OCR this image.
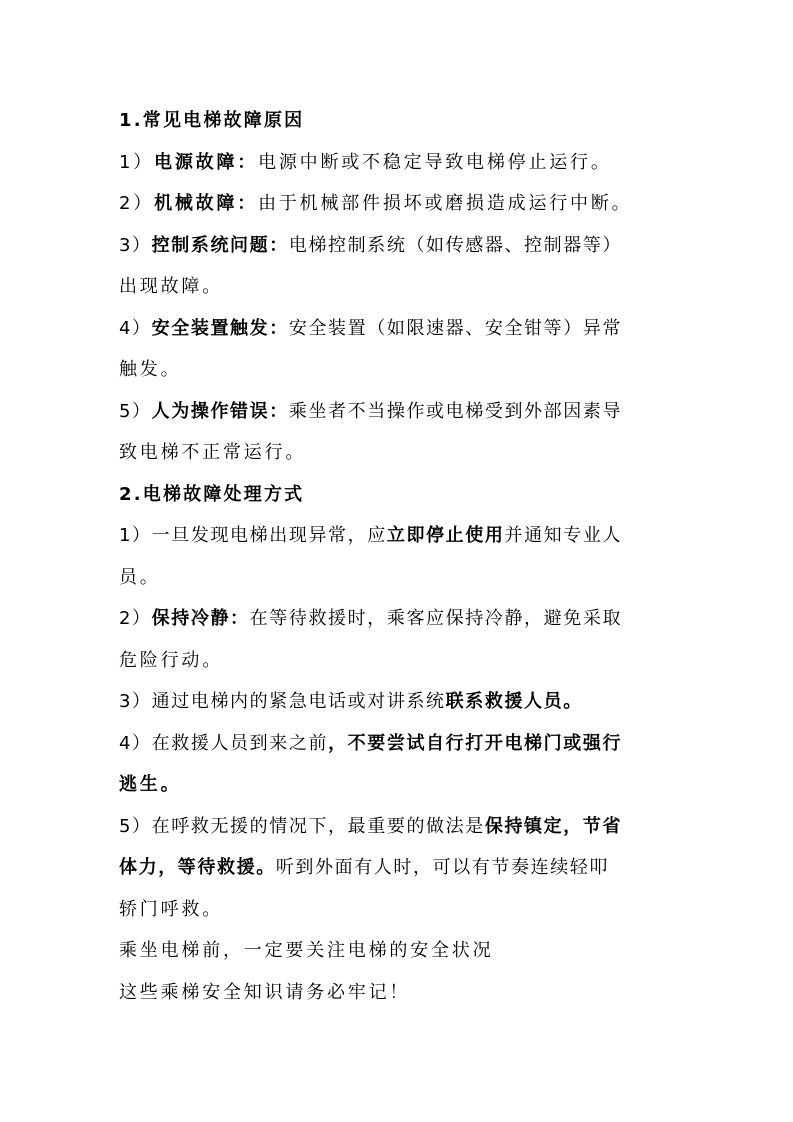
1.常见电梯故障原因
1）电源故障：电源中断或不稳定导致电梯停止运行。
2）机械故障：由于机械部件损坏或磨损造成运行中断。
3）控制系统问题：电梯控制系统（如传感器、控制器等）
出现故障。
4）安全装置触发：安全装置（如限速器、安全钳等）异常
触发。
5）人为操作错误：乘坐者不当操作或电梯受到外部因素导
致电梯不正常运行。
2.电梯故障处理方式
1）一旦发现电梯出现异常，应立即停止使用并通知专业人
员。
2）保持冷静：在等待救援时，乘客应保持冷静，避免采取
危险行动。
3）通过电梯内的紧急电话或对讲系统联系救援人员。
4）在救援人员到来之前，不要尝试自行打开电梯门或强行
逃生。
5）在呼救无援的情况下，最重要的做法是保持镇定，节省
体力，等待救援。听到外面有人时，可以有节奏连续轻叩
轿门呼救。
乘坐电梯前，一定要关注电梯的安全状况
这些乘梯安全知识请务必牢记！
